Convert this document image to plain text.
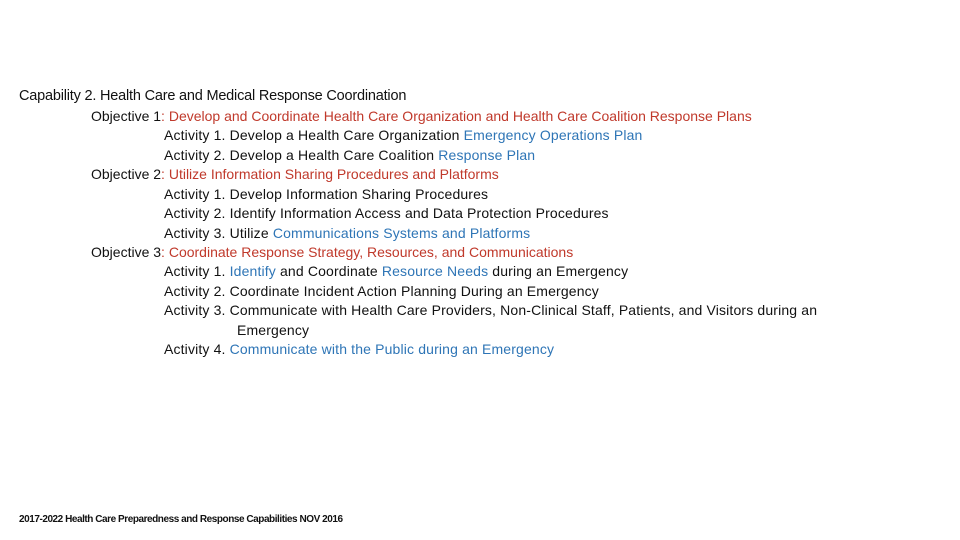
Capability 2. Health Care and Medical Response Coordination
Objective 1: Develop and Coordinate Health Care Organization and Health Care Coalition Response Plans
Activity 1. Develop a Health Care Organization Emergency Operations Plan
Activity 2. Develop a Health Care Coalition Response Plan
Objective 2: Utilize Information Sharing Procedures and Platforms
Activity 1. Develop Information Sharing Procedures
Activity 2. Identify Information Access and Data Protection Procedures
Activity 3. Utilize Communications Systems and Platforms
Objective 3: Coordinate Response Strategy, Resources, and Communications
Activity 1. Identify and Coordinate Resource Needs during an Emergency
Activity 2. Coordinate Incident Action Planning During an Emergency
Activity 3. Communicate with Health Care Providers, Non-Clinical Staff, Patients, and Visitors during an
Emergency
Activity 4. Communicate with the Public during an Emergency
2017-2022 Health Care Preparedness and Response Capabilities NOV 2016
